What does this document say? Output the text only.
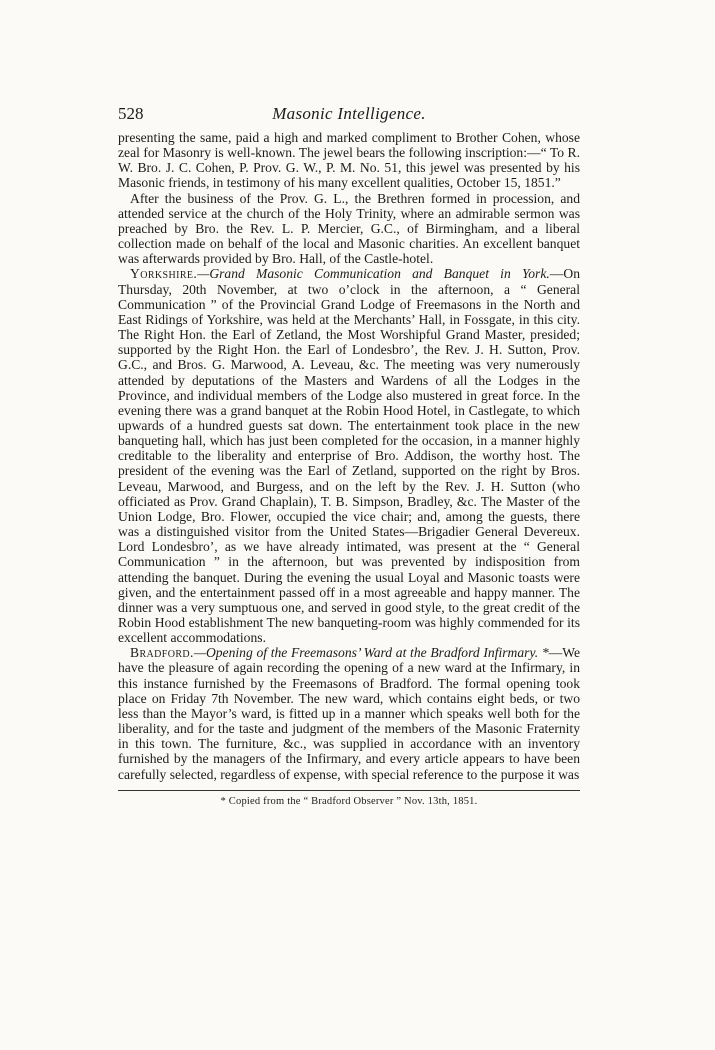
528	Masonic Intelligence.

presenting the same, paid a high and marked compliment to Brother Cohen, whose zeal for Masonry is well-known. The jewel bears the following inscription:—“ To R. W. Bro. J. C. Cohen, P. Prov. G. W., P. M. No. 51, this jewel was presented by his Masonic friends, in testimony of his many excellent qualities, October 15, 1851.”

After the business of the Prov. G. L., the Brethren formed in procession, and attended service at the church of the Holy Trinity, where an admirable sermon was preached by Bro. the Rev. L. P. Mercier, G.C., of Birmingham, and a liberal collection made on behalf of the local and Masonic charities. An excellent banquet was afterwards provided by Bro. Hall, of the Castle-hotel.

Yorkshire.—Grand Masonic Communication and Banquet in York.—On Thursday, 20th November, at two o’clock in the afternoon, a “ General Communication ” of the Provincial Grand Lodge of Freemasons in the North and East Ridings of Yorkshire, was held at the Merchants’ Hall, in Fossgate, in this city. The Right Hon. the Earl of Zetland, the Most Worshipful Grand Master, presided; supported by the Right Hon. the Earl of Londesbro’, the Rev. J. H. Sutton, Prov. G.C., and Bros. G. Marwood, A. Leveau, &c. The meeting was very numerously attended by deputations of the Masters and Wardens of all the Lodges in the Province, and individual members of the Lodge also mustered in great force. In the evening there was a grand banquet at the Robin Hood Hotel, in Castlegate, to which upwards of a hundred guests sat down. The entertainment took place in the new banqueting hall, which has just been completed for the occasion, in a manner highly creditable to the liberality and enterprise of Bro. Addison, the worthy host. The president of the evening was the Earl of Zetland, supported on the right by Bros. Leveau, Marwood, and Burgess, and on the left by the Rev. J. H. Sutton (who officiated as Prov. Grand Chaplain), T. B. Simpson, Bradley, &c. The Master of the Union Lodge, Bro. Flower, occupied the vice chair; and, among the guests, there was a distinguished visitor from the United States—Brigadier General Devereux. Lord Londesbro’, as we have already intimated, was present at the “ General Communication ” in the afternoon, but was prevented by indisposition from attending the banquet. During the evening the usual Loyal and Masonic toasts were given, and the entertainment passed off in a most agreeable and happy manner. The dinner was a very sumptuous one, and served in good style, to the great credit of the Robin Hood establishment The new banqueting-room was highly commended for its excellent accommodations.

Bradford.—Opening of the Freemasons’ Ward at the Bradford Infirmary. *—We have the pleasure of again recording the opening of a new ward at the Infirmary, in this instance furnished by the Freemasons of Bradford. The formal opening took place on Friday 7th November. The new ward, which contains eight beds, or two less than the Mayor’s ward, is fitted up in a manner which speaks well both for the liberality, and for the taste and judgment of the members of the Masonic Fraternity in this town. The furniture, &c., was supplied in accordance with an inventory furnished by the managers of the Infirmary, and every article appears to have been carefully selected, regardless of expense, with special reference to the purpose it was

* Copied from the “ Bradford Observer ” Nov. 13th, 1851.
